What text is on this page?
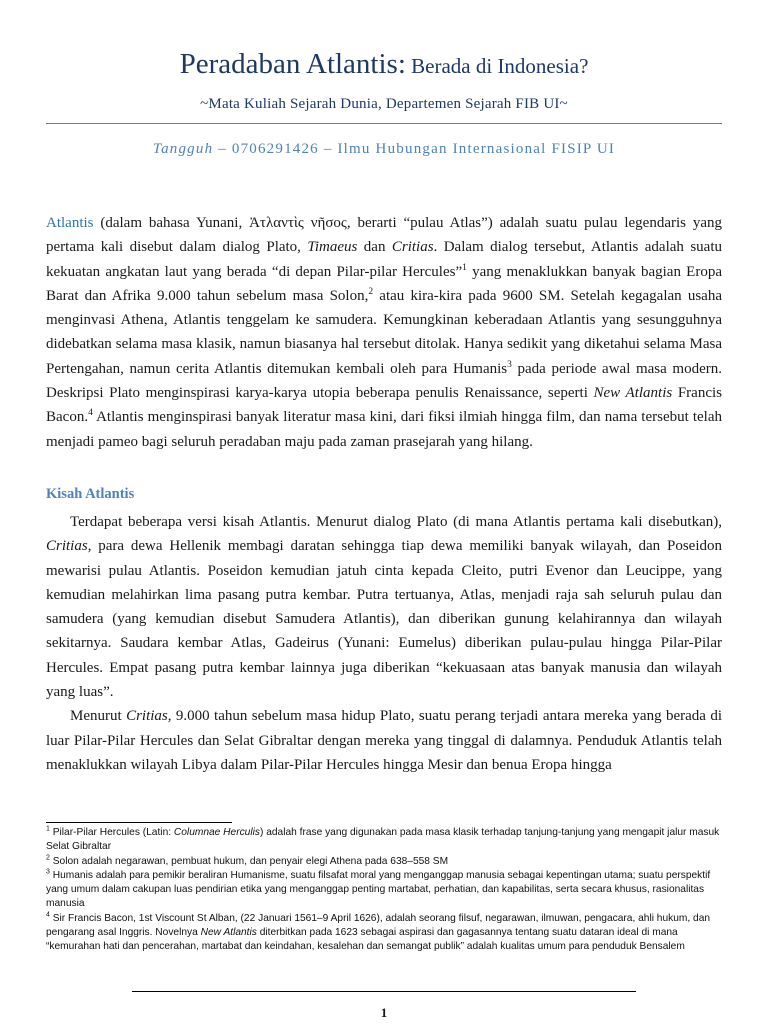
Peradaban Atlantis: Berada di Indonesia?
~Mata Kuliah Sejarah Dunia, Departemen Sejarah FIB UI~
Tangguh – 0706291426 – Ilmu Hubungan Internasional FISIP UI

Atlantis (dalam bahasa Yunani, Ἀτλαντὶς νῆσος, berarti “pulau Atlas”) adalah suatu pulau legendaris yang pertama kali disebut dalam dialog Plato, Timaeus dan Critias. Dalam dialog tersebut, Atlantis adalah suatu kekuatan angkatan laut yang berada “di depan Pilar-pilar Hercules”$^1$ yang menaklukkan banyak bagian Eropa Barat dan Afrika 9.000 tahun sebelum masa Solon,$^2$ atau kira-kira pada 9600 SM. Setelah kegagalan usaha menginvasi Athena, Atlantis tenggelam ke samudera. Kemungkinan keberadaan Atlantis yang sesungguhnya didebatkan selama masa klasik, namun biasanya hal tersebut ditolak. Hanya sedikit yang diketahui selama Masa Pertengahan, namun cerita Atlantis ditemukan kembali oleh para Humanis$^3$ pada periode awal masa modern. Deskripsi Plato menginspirasi karya-karya utopia beberapa penulis Renaissance, seperti New Atlantis Francis Bacon.$^4$ Atlantis menginspirasi banyak literatur masa kini, dari fiksi ilmiah hingga film, dan nama tersebut telah menjadi pameo bagi seluruh peradaban maju pada zaman prasejarah yang hilang.

Kisah Atlantis

Terdapat beberapa versi kisah Atlantis. Menurut dialog Plato (di mana Atlantis pertama kali disebutkan), Critias, para dewa Hellenik membagi daratan sehingga tiap dewa memiliki banyak wilayah, dan Poseidon mewarisi pulau Atlantis. Poseidon kemudian jatuh cinta kepada Cleito, putri Evenor dan Leucippe, yang kemudian melahirkan lima pasang putra kembar. Putra tertuanya, Atlas, menjadi raja sah seluruh pulau dan samudera (yang kemudian disebut Samudera Atlantis), dan diberikan gunung kelahirannya dan wilayah sekitarnya. Saudara kembar Atlas, Gadeirus (Yunani: Eumelus) diberikan pulau-pulau hingga Pilar-Pilar Hercules. Empat pasang putra kembar lainnya juga diberikan “kekuasaan atas banyak manusia dan wilayah yang luas”.

Menurut Critias, 9.000 tahun sebelum masa hidup Plato, suatu perang terjadi antara mereka yang berada di luar Pilar-Pilar Hercules dan Selat Gibraltar dengan mereka yang tinggal di dalamnya. Penduduk Atlantis telah menaklukkan wilayah Libya dalam Pilar-Pilar Hercules hingga Mesir dan benua Eropa hingga

$^1$ Pilar-Pilar Hercules (Latin: Columnae Herculis) adalah frase yang digunakan pada masa klasik terhadap tanjung-tanjung yang mengapit jalur masuk Selat Gibraltar

$^2$ Solon adalah negarawan, pembuat hukum, dan penyair elegi Athena pada 638–558 SM

$^3$ Humanis adalah para pemikir beraliran Humanisme, suatu filsafat moral yang menganggap manusia sebagai kepentingan utama; suatu perspektif yang umum dalam cakupan luas pendirian etika yang menganggap penting martabat, perhatian, dan kapabilitas, serta secara khusus, rasionalitas manusia

$^4$ Sir Francis Bacon, 1st Viscount St Alban, (22 Januari 1561–9 April 1626), adalah seorang filsuf, negarawan, ilmuwan, pengacara, ahli hukum, dan pengarang asal Inggris. Novelnya New Atlantis diterbitkan pada 1623 sebagai aspirasi dan gagasannya tentang suatu dataran ideal di mana “kemurahan hati dan pencerahan, martabat dan keindahan, kesalehan dan semangat publik” adalah kualitas umum para penduduk Bensalem

1
